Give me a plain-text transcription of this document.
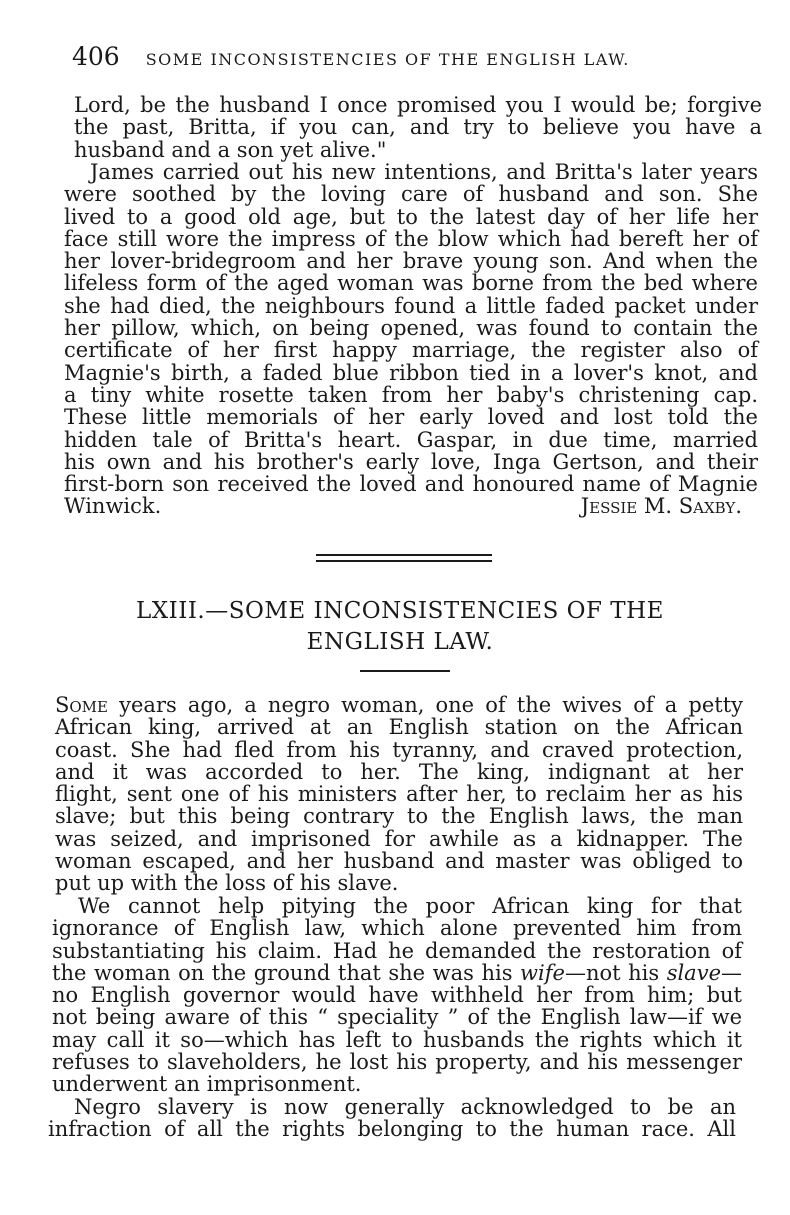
406 SOME INCONSISTENCIES OF THE ENGLISH LAW.

Lord, be the husband I once promised you I would be; forgive

the past, Britta, if you can, and try to believe you have a

husband and a son yet alive."

James carried out his new intentions, and Britta's later years

were soothed by the loving care of husband and son. She

lived to a good old age, but to the latest day of her life her

face still wore the impress of the blow which had bereft her of

her lover-bridegroom and her brave young son. And when the

lifeless form of the aged woman was borne from the bed where

she had died, the neighbours found a little faded packet under

her pillow, which, on being opened, was found to contain the

certificate of her first happy marriage, the register also of

Magnie's birth, a faded blue ribbon tied in a lover's knot, and

a tiny white rosette taken from her baby's christening cap.

These little memorials of her early loved and lost told the

hidden tale of Britta's heart. Gaspar, in due time, married

his own and his brother's early love, Inga Gertson, and their

first-born son received the loved and honoured name of Magnie

Winwick.	Jessie M. Saxby.

LXIII.—SOME INCONSISTENCIES OF THE
ENGLISH LAW.

Some years ago, a negro woman, one of the wives of a petty

African king, arrived at an English station on the African

coast. She had fled from his tyranny, and craved protection,

and it was accorded to her. The king, indignant at her

flight, sent one of his ministers after her, to reclaim her as his

slave; but this being contrary to the English laws, the man

was seized, and imprisoned for awhile as a kidnapper. The

woman escaped, and her husband and master was obliged to

put up with the loss of his slave.

We cannot help pitying the poor African king for that

ignorance of English law, which alone prevented him from

substantiating his claim. Had he demanded the restoration of

the woman on the ground that she was his wife—not his slave—

no English governor would have withheld her from him; but

not being aware of this “ speciality ” of the English law—if we

may call it so—which has left to husbands the rights which it

refuses to slaveholders, he lost his property, and his messenger

underwent an imprisonment.

Negro slavery is now generally acknowledged to be an

infraction of all the rights belonging to the human race. All
